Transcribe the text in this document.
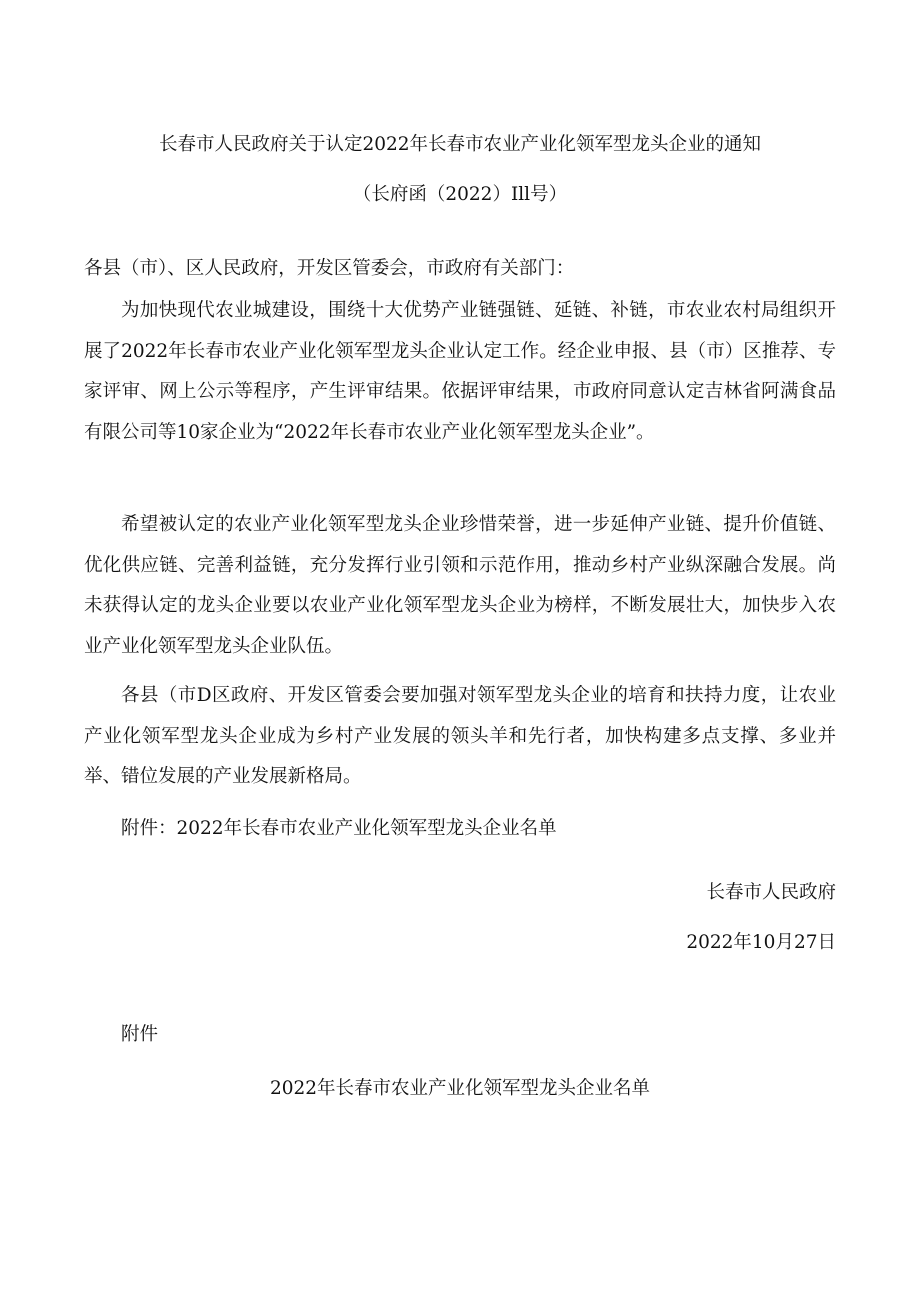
长春市人民政府关于认定2022年长春市农业产业化领军型龙头企业的通知
（长府函（2022）Ill号）
各县（市）、区人民政府，开发区管委会，市政府有关部门：

为加快现代农业城建设，围绕十大优势产业链强链、延链、补链，市农业农村局组织开展了2022年长春市农业产业化领军型龙头企业认定工作。经企业申报、县（市）区推荐、专家评审、网上公示等程序，产生评审结果。依据评审结果，市政府同意认定吉林省阿满食品有限公司等10家企业为“2022年长春市农业产业化领军型龙头企业”。

希望被认定的农业产业化领军型龙头企业珍惜荣誉，进一步延伸产业链、提升价值链、优化供应链、完善利益链，充分发挥行业引领和示范作用，推动乡村产业纵深融合发展。尚未获得认定的龙头企业要以农业产业化领军型龙头企业为榜样，不断发展壮大，加快步入农业产业化领军型龙头企业队伍。

各县（市D区政府、开发区管委会要加强对领军型龙头企业的培育和扶持力度，让农业产业化领军型龙头企业成为乡村产业发展的领头羊和先行者，加快构建多点支撑、多业并举、错位发展的产业发展新格局。

附件：2022年长春市农业产业化领军型龙头企业名单
长春市人民政府
2022年10月27日
附件
2022年长春市农业产业化领军型龙头企业名单
